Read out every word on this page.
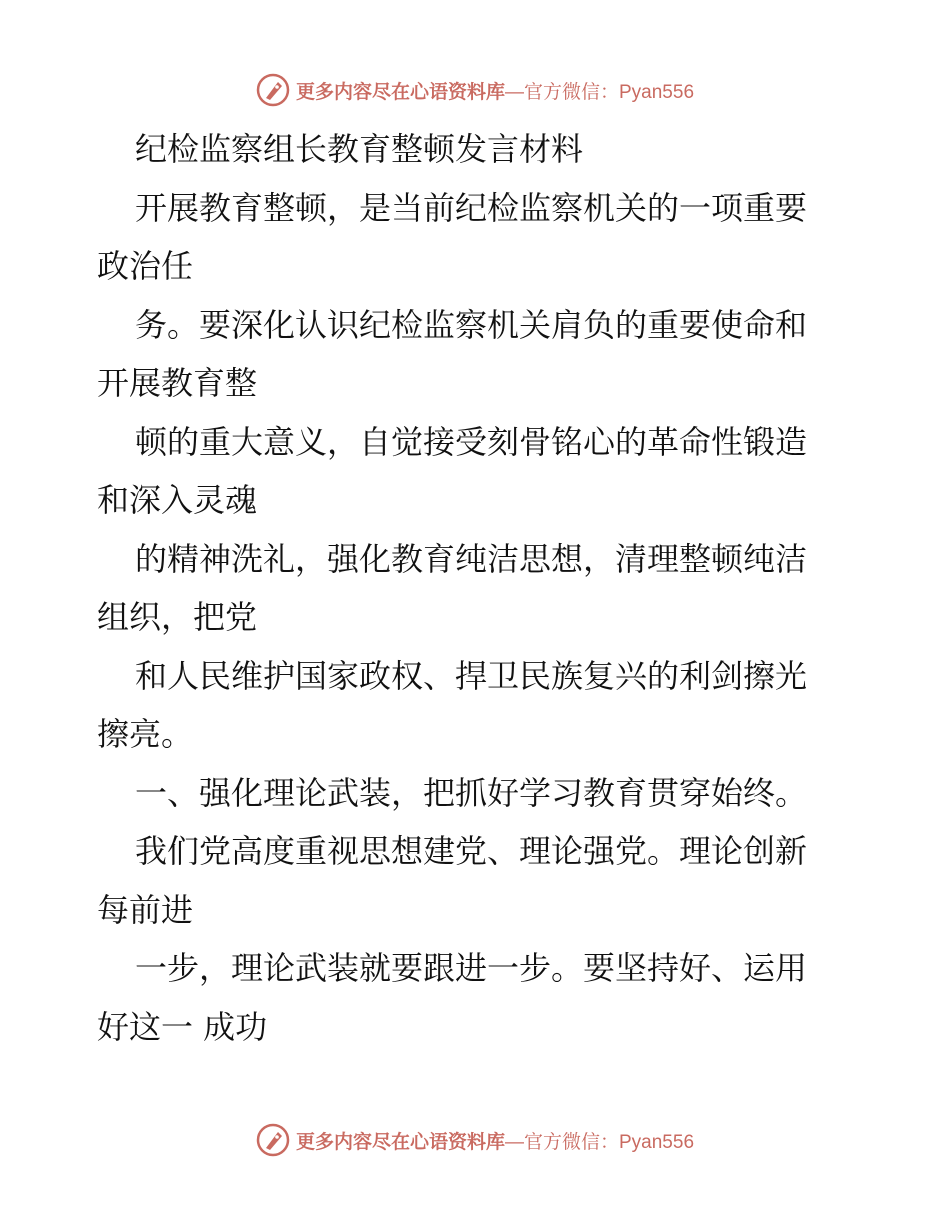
更多内容尽在心语资料库 —官方微信：Pyan556

纪检监察组长教育整顿发言材料

开展教育整顿，是当前纪检监察机关的一项重要
政治任

务。要深化认识纪检监察机关肩负的重要使命和
开展教育整

顿的重大意义，自觉接受刻骨铭心的革命性锻造
和深入灵魂

的精神洗礼，强化教育纯洁思想，清理整顿纯洁
组织，把党

和人民维护国家政权、捍卫民族复兴的利剑擦光
擦亮。

一、强化理论武装，把抓好学习教育贯穿始终。

我们党高度重视思想建党、理论强党。理论创新
每前进

一步，理论武装就要跟进一步。要坚持好、运用
好这一 成功

更多内容尽在心语资料库 —官方微信：Pyan556
